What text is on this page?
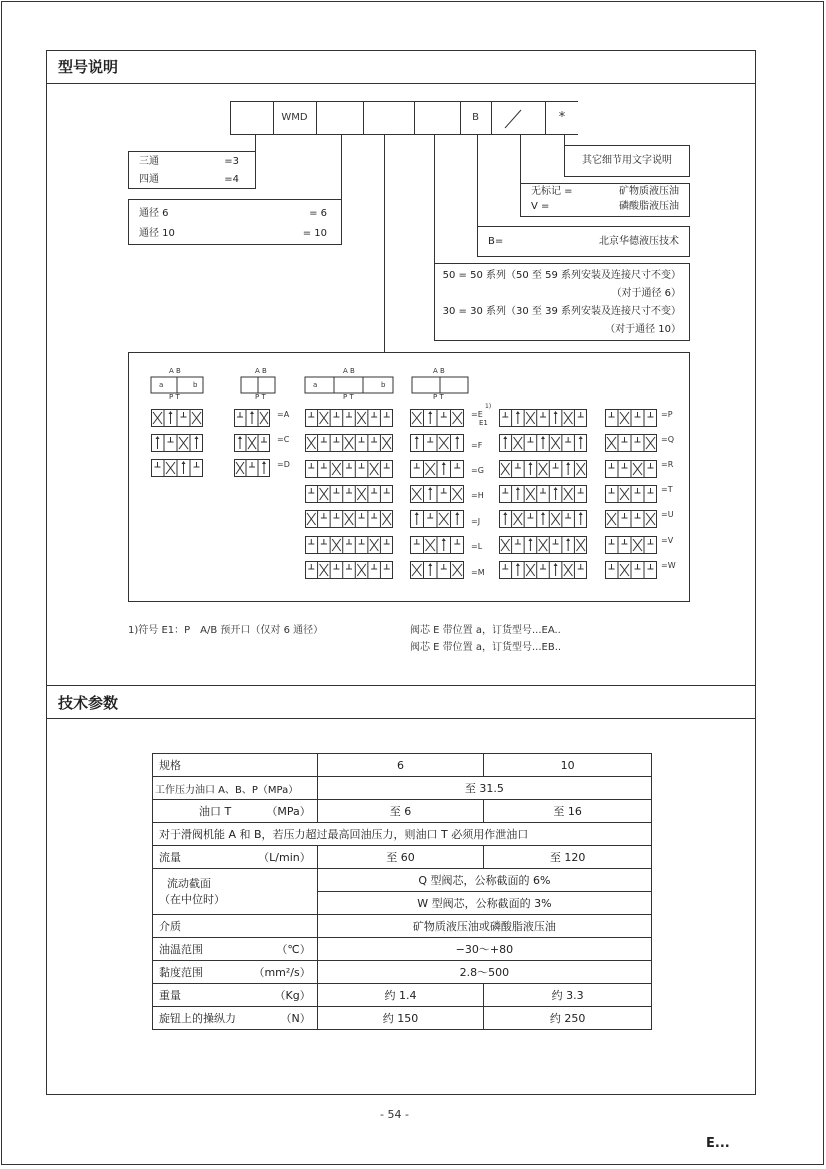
型号说明
WMD	B	*
三通	=3
四通	=4
通径 6	= 6
通径 10	= 10
其它细节用文字说明
无标记 =	矿物质液压油
V =	磷酸脂液压油
B=	北京华德液压技术
50 = 50 系列（50 至 59 系列安装及连接尺寸不变）
（对于通径 6）
30 = 30 系列（30 至 39 系列安装及连接尺寸不变）
（对于通径 10）
A B
P T
A B
P T
A B
P T
A B
P T
a	b	a	b
=A
=C
=D
=E
E1
1)
=F
=G
=H
=J
=L
=M
=P
=Q
=R
=T
=U
=V
=W
1)符号 E1：P　A/B 预开口（仅对 6 通径）	阀芯 E 带位置 a，订货型号...EA..
阀芯 E 带位置 a，订货型号...EB..
技术参数
规格	6	10
工作压力油口 A、B、P（MPa）	至 31.5	
油口 T （MPa）	至 6	至 16
对于滑阀机能 A 和 B，若压力超过最高回油压力，则油口 T 必须用作泄油口		
流量 （L/min）	至 60	至 120

流动截面
（在中位时）	Q 型阀芯，公称截面的 6%	
	W 型阀芯，公称截面的 3%	
介质	矿物质液压油或磷酸脂液压油	
油温范围 （℃）	−30～+80	
黏度范围 （mm²/s）	2.8～500	
重量 （Kg）	约 1.4	约 3.3
旋钮上的操纵力 （N）	约 150	约 250
- 54 -
E...
